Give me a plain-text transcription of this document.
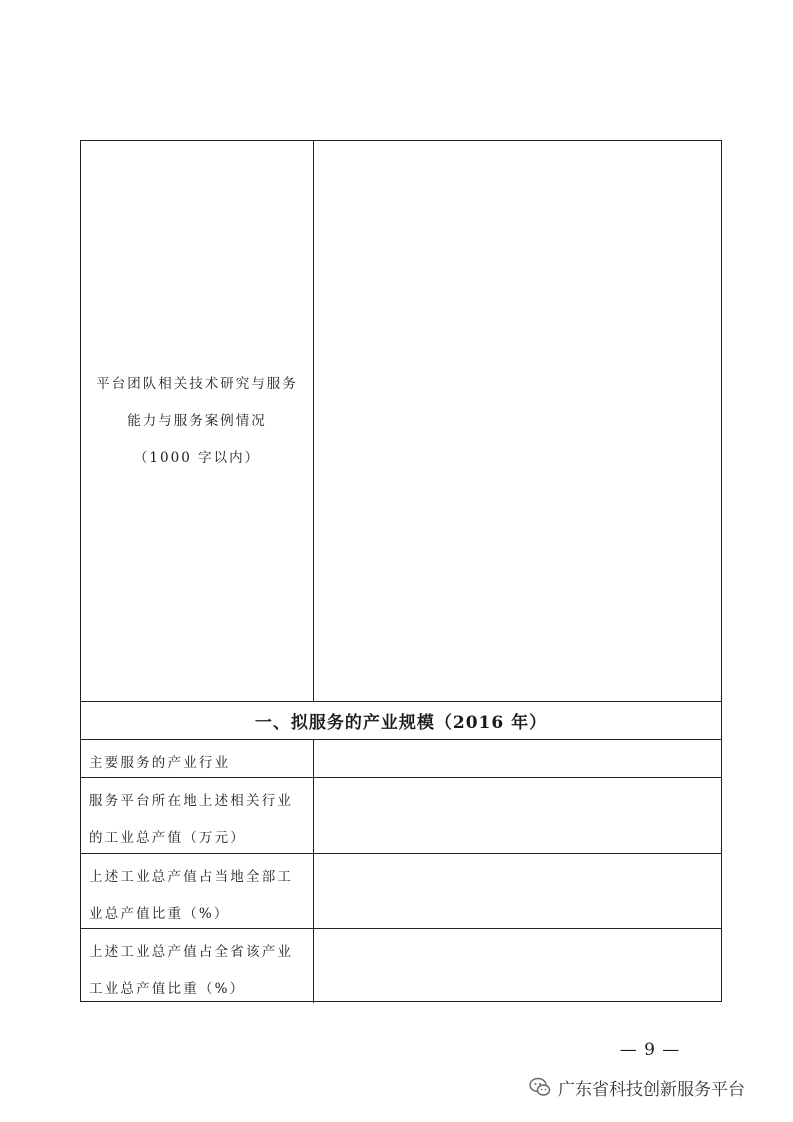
平台团队相关技术研究与服务
能力与服务案例情况
（1000 字以内）
一、拟服务的产业规模（2016 年）
主要服务的产业行业
服务平台所在地上述相关行业
的工业总产值（万元）
上述工业总产值占当地全部工
业总产值比重（%）
上述工业总产值占全省该产业
工业总产值比重（%）
— 9 —
广东省科技创新服务平台
